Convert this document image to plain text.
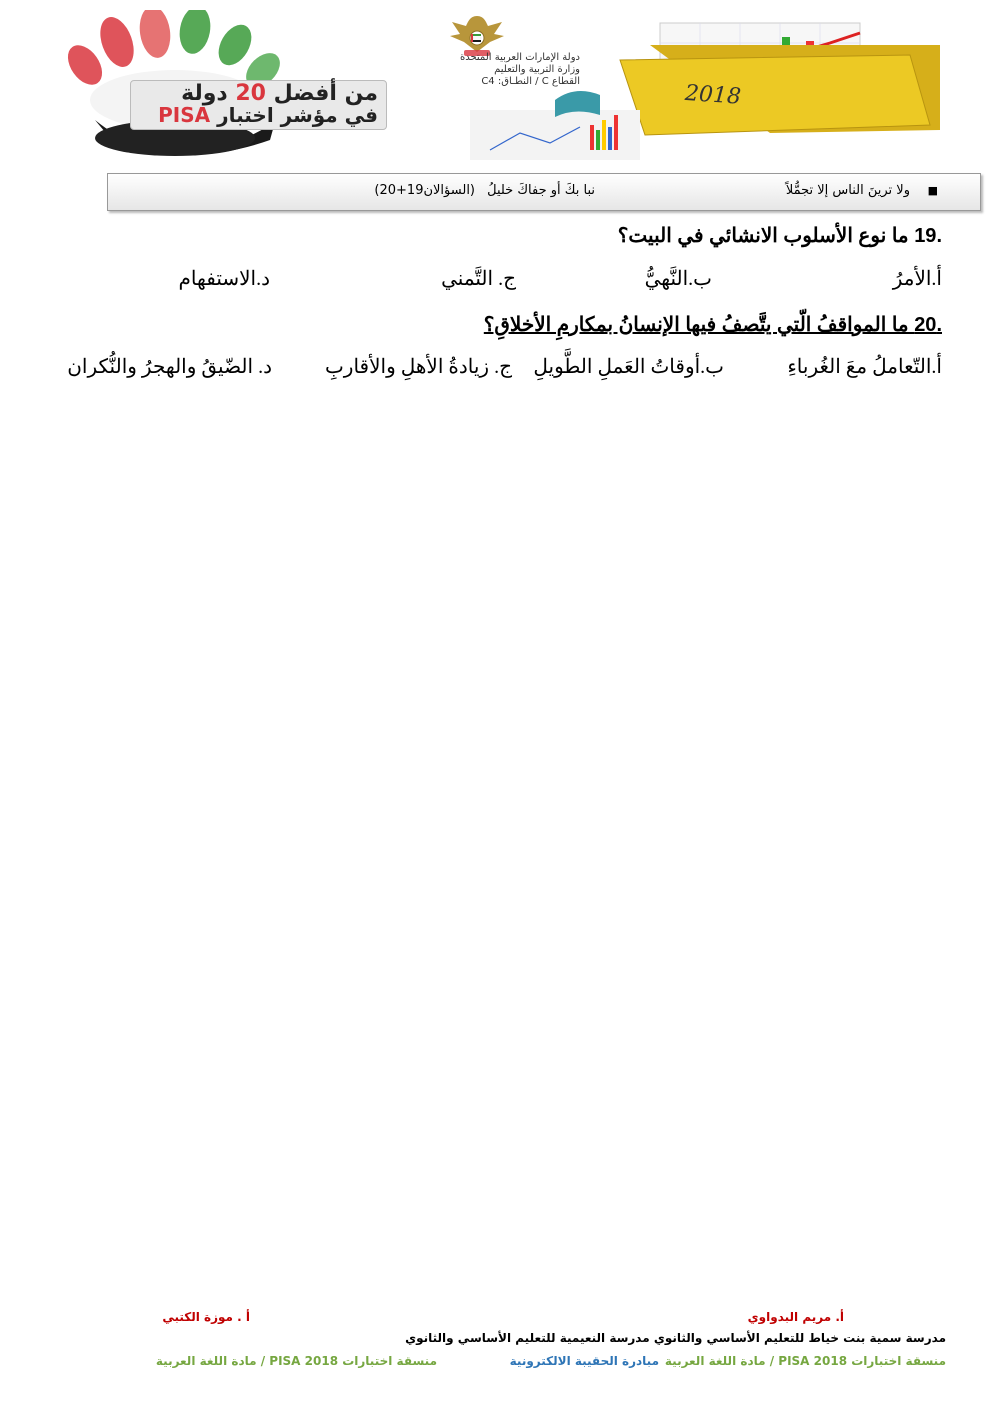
من أفضل 20 دولة
في مؤشر اختبار PISA
دولة الإمارات العربية المتحدة
وزارة التربية والتعليم
القطاع C / النطـاق: C4	2018
■
ولا ترينَ الناس إلا تجمُّلاً
نبا بكَ أو جفاكَ خليلُ
(السؤالان19+20)
.19 ما نوع الأسلوب الانشائي في البيت؟
أ.الأمرُ
ب.النَّهيُّ
ج. التَّمني
د.الاستفهام
.20 ما المواقفُ الّتي يتَّصفُ فيها الإنسانُ بمكارمِ الأخلاقِ؟
أ.التّعاملُ معَ الغُرباءِ
ب.أوقاتُ العَملِ الطَّويلِ
ج. زيادةُ الأهلِ والأقاربِ
د. الضّيقُ والهجرُ والنُّكران
أ. مريم البدواوي
أ . موزة الكتبي
مدرسة سمية بنت خياط للتعليم الأساسي والثانوي مدرسة النعيمية للتعليم الأساسي والثانوي
منسقة اختبارات PISA 2018 / مادة اللغة العربية
مبادرة الحقيبة الالكترونية
منسقة اختبارات PISA 2018 / مادة اللغة العربية
